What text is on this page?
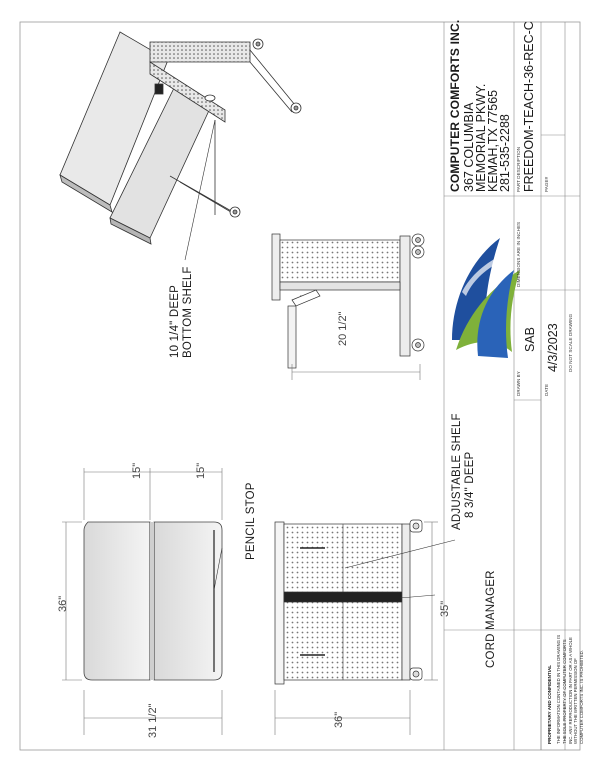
15"	15"
36"
31 1/2"	36"
35"
20 1/2"
PENCIL STOP	ADJUSTABLE SHELF 8 3/4" DEEP
CORD MANAGER
10 1/4" DEEP BOTTOM SHELF
PROPRIETARY AND CONFIDENTIAL THE INFORMATION CONTAINED IN THIS DRAWING IS THE SOLE PROPERTY OF COMPUTER COMFORTS INC. ANY REPRODUCTION IN PART OR AS A WHOLE WITHOUT THE WRITTEN PERMISSION OF COMPUTER COMFORTS INC. IS PROHIBITED.
COMPUTER COMFORTS INC. 367 COLUMBIA
MEMORIAL PKWY.
KEMAH,TX 77565
281-535-2288 PART DESCRIPTION FREEDOM-TEACH-36-REC-C PAGE#
DIMENSIONS ARE IN INCHES
DRAWN BY
SAB
DATE
4/3/2023 DO NOT SCALE DRAWING
